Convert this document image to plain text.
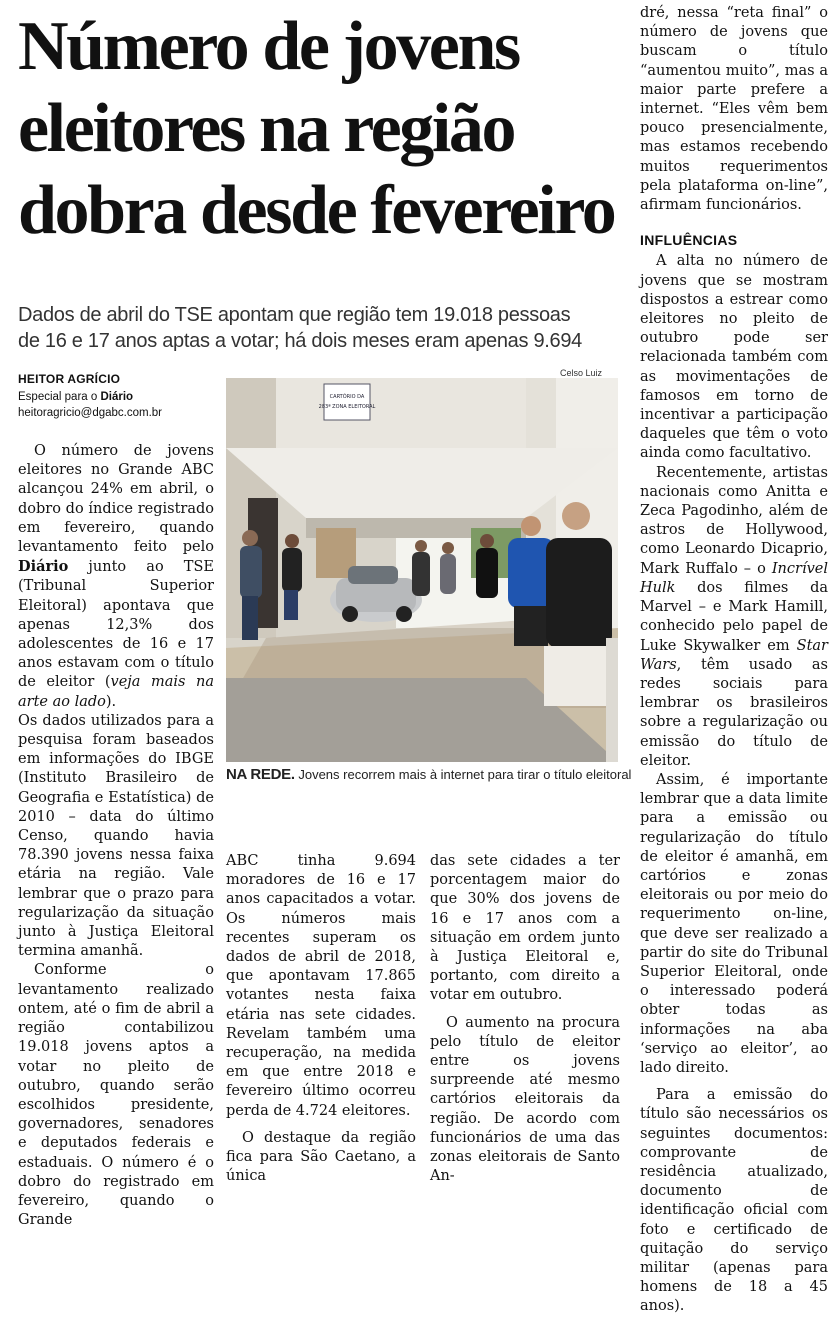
Número de jovens
eleitores na região
dobra desde fevereiro
Dados de abril do TSE apontam que região tem 19.018 pessoas
de 16 e 17 anos aptas a votar; há dois meses eram apenas 9.694
HEITOR AGRÍCIO
Especial para o Diário
heitoragricio@dgabc.com.br

O número de jovens eleitores no Grande ABC alcançou 24% em abril, o dobro do índice registrado em fevereiro, quando levantamento feito pelo Diário junto ao TSE (Tribunal Superior Eleitoral) apontava que apenas 12,3% dos adolescentes de 16 e 17 anos estavam com o título de eleitor (veja mais na arte ao lado).

Os dados utilizados para a pesquisa foram baseados em informações do IBGE (Instituto Brasileiro de Geografia e Estatística) de 2010 – data do último Censo, quando havia 78.390 jovens nessa faixa etária na região. Vale lembrar que o prazo para regularização da situação junto à Justiça Eleitoral termina amanhã.

Conforme o levantamento realizado ontem, até o fim de abril a região contabilizou 19.018 jovens aptos a votar no pleito de outubro, quando serão escolhidos presidente, governadores, senadores e deputados federais e estaduais. O número é o dobro do registrado em fevereiro, quando o Grande

Celso Luiz
CARTÓRIO DA
283ª ZONA ELEITORAL
NA REDE. Jovens recorrem mais à internet para tirar o título eleitoral

ABC tinha 9.694 moradores de 16 e 17 anos capacitados a votar. Os números mais recentes superam os dados de abril de 2018, que apontavam 17.865 votantes nesta faixa etária nas sete cidades. Revelam também uma recuperação, na medida em que entre 2018 e fevereiro último ocorreu perda de 4.724 eleitores.

O destaque da região fica para São Caetano, a única

das sete cidades a ter porcentagem maior do que 30% dos jovens de 16 e 17 anos com a situação em ordem junto à Justiça Eleitoral e, portanto, com direito a votar em outubro.

O aumento na procura pelo título de eleitor entre os jovens surpreende até mesmo cartórios eleitorais da região. De acordo com funcionários de uma das zonas eleitorais de Santo An-

dré, nessa “reta final” o número de jovens que buscam o título “aumentou muito”, mas a maior parte prefere a internet. “Eles vêm bem pouco presencialmente, mas estamos recebendo muitos requerimentos pela plataforma on-line”, afirmam funcionários.

INFLUÊNCIAS

A alta no número de jovens que se mostram dispostos a estrear como eleitores no pleito de outubro pode ser relacionada também com as movimentações de famosos em torno de incentivar a participação daqueles que têm o voto ainda como facultativo.

Recentemente, artistas nacionais como Anitta e Zeca Pagodinho, além de astros de Hollywood, como Leonardo Dicaprio, Mark Ruffalo – o Incrível Hulk dos filmes da Marvel – e Mark Hamill, conhecido pelo papel de Luke Skywalker em Star Wars, têm usado as redes sociais para lembrar os brasileiros sobre a regularização ou emissão do título de eleitor.

Assim, é importante lembrar que a data limite para a emissão ou regularização do título de eleitor é amanhã, em cartórios e zonas eleitorais ou por meio do requerimento on-line, que deve ser realizado a partir do site do Tribunal Superior Eleitoral, onde o interessado poderá obter todas as informações na aba ‘serviço ao eleitor’, ao lado direito.

Para a emissão do título são necessários os seguintes documentos: comprovante de residência atualizado, documento de identificação oficial com foto e certificado de quitação do serviço militar (apenas para homens de 18 a 45 anos).
